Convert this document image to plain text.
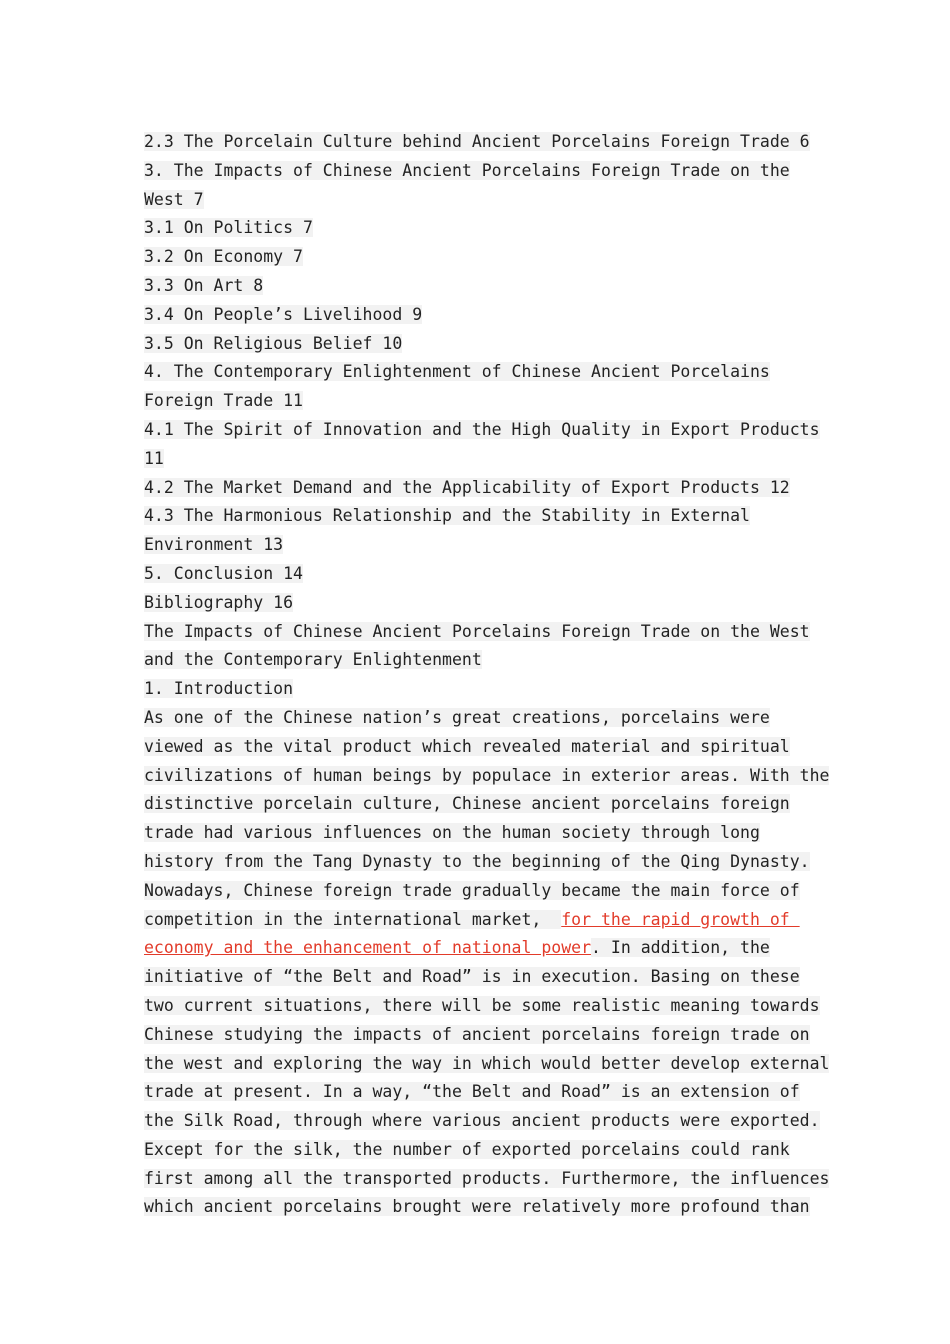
2.3 The Porcelain Culture behind Ancient Porcelains Foreign Trade 6
3. The Impacts of Chinese Ancient Porcelains Foreign Trade on the
West 7
3.1 On Politics 7
3.2 On Economy 7
3.3 On Art 8
3.4 On People’s Livelihood 9
3.5 On Religious Belief 10
4. The Contemporary Enlightenment of Chinese Ancient Porcelains
Foreign Trade 11
4.1 The Spirit of Innovation and the High Quality in Export Products
11
4.2 The Market Demand and the Applicability of Export Products 12
4.3 The Harmonious Relationship and the Stability in External
Environment 13
5. Conclusion 14
Bibliography 16
The Impacts of Chinese Ancient Porcelains Foreign Trade on the West
and the Contemporary Enlightenment
1. Introduction
As one of the Chinese nation’s great creations, porcelains were
viewed as the vital product which revealed material and spiritual
civilizations of human beings by populace in exterior areas. With the
distinctive porcelain culture, Chinese ancient porcelains foreign
trade had various influences on the human society through long
history from the Tang Dynasty to the beginning of the Qing Dynasty.
Nowadays, Chinese foreign trade gradually became the main force of
competition in the international market,  for the rapid growth of
economy and the enhancement of national power. In addition, the
initiative of “the Belt and Road” is in execution. Basing on these
two current situations, there will be some realistic meaning towards
Chinese studying the impacts of ancient porcelains foreign trade on
the west and exploring the way in which would better develop external
trade at present. In a way, “the Belt and Road” is an extension of
the Silk Road, through where various ancient products were exported.
Except for the silk, the number of exported porcelains could rank
first among all the transported products. Furthermore, the influences
which ancient porcelains brought were relatively more profound than
